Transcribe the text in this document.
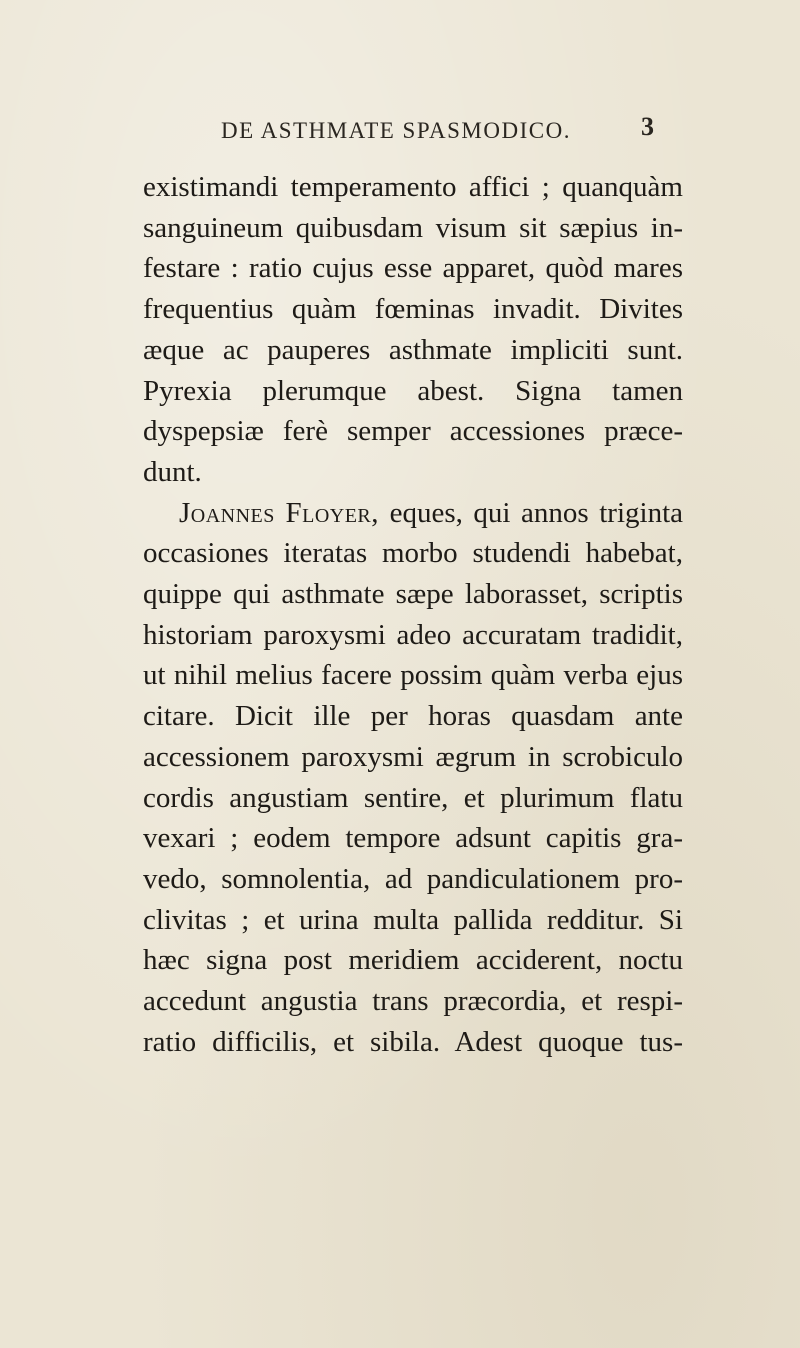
DE ASTHMATE SPASMODICO.	3
existimandi temperamento affici ; quanquàm
sanguineum quibusdam visum sit sæpius in-
festare : ratio cujus esse apparet, quòd mares
frequentius quàm fœminas invadit. Divites
æque ac pauperes asthmate impliciti sunt.
Pyrexia plerumque abest. Signa tamen
dyspepsiæ ferè semper accessiones præce-
dunt.
Joannes Floyer, eques, qui annos triginta
occasiones iteratas morbo studendi habebat,
quippe qui asthmate sæpe laborasset, scriptis
historiam paroxysmi adeo accuratam tradidit,
ut nihil melius facere possim quàm verba ejus
citare. Dicit ille per horas quasdam ante
accessionem paroxysmi ægrum in scrobiculo
cordis angustiam sentire, et plurimum flatu
vexari ; eodem tempore adsunt capitis gra-
vedo, somnolentia, ad pandiculationem pro-
clivitas ; et urina multa pallida redditur. Si
hæc signa post meridiem acciderent, noctu
accedunt angustia trans præcordia, et respi-
ratio difficilis, et sibila. Adest quoque tus-
